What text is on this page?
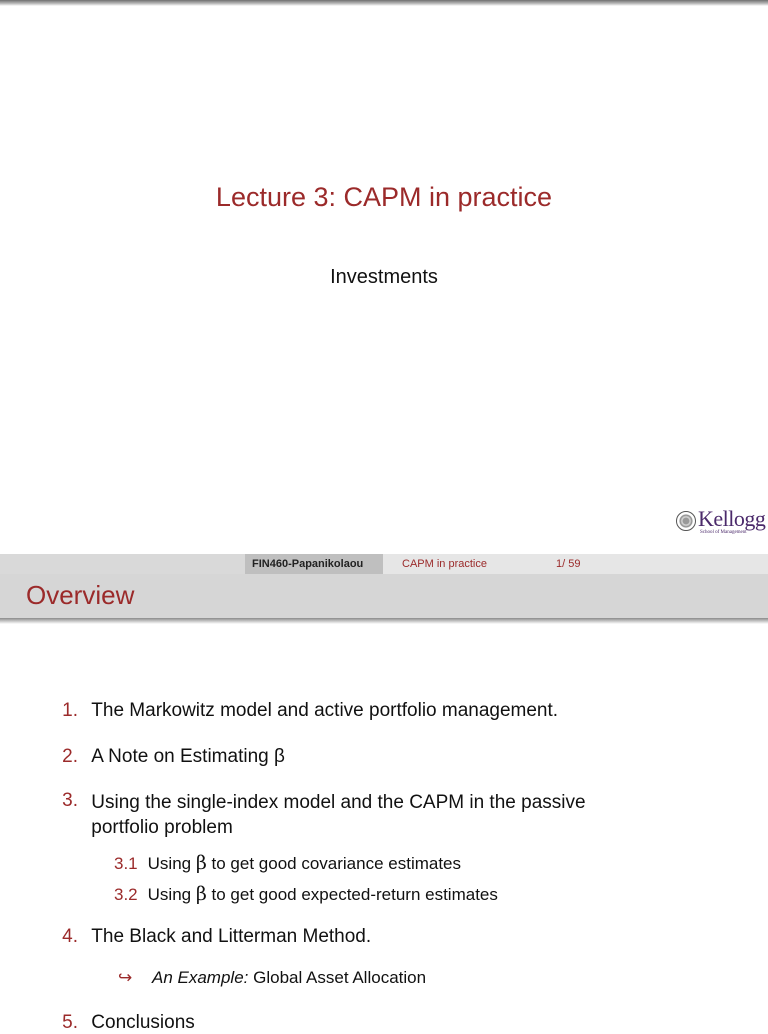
Lecture 3: CAPM in practice
Investments
Kellogg
School of Management
FIN460-Papanikolaou	CAPM in practice	1/ 59
Overview
1. The Markowitz model and active portfolio management.
2. A Note on Estimating β
3. Using the single-index model and the CAPM in the passive
portfolio problem
3.1 Using β to get good covariance estimates
3.2 Using β to get good expected-return estimates
4. The Black and Litterman Method.
↪ An Example: Global Asset Allocation
5. Conclusions
